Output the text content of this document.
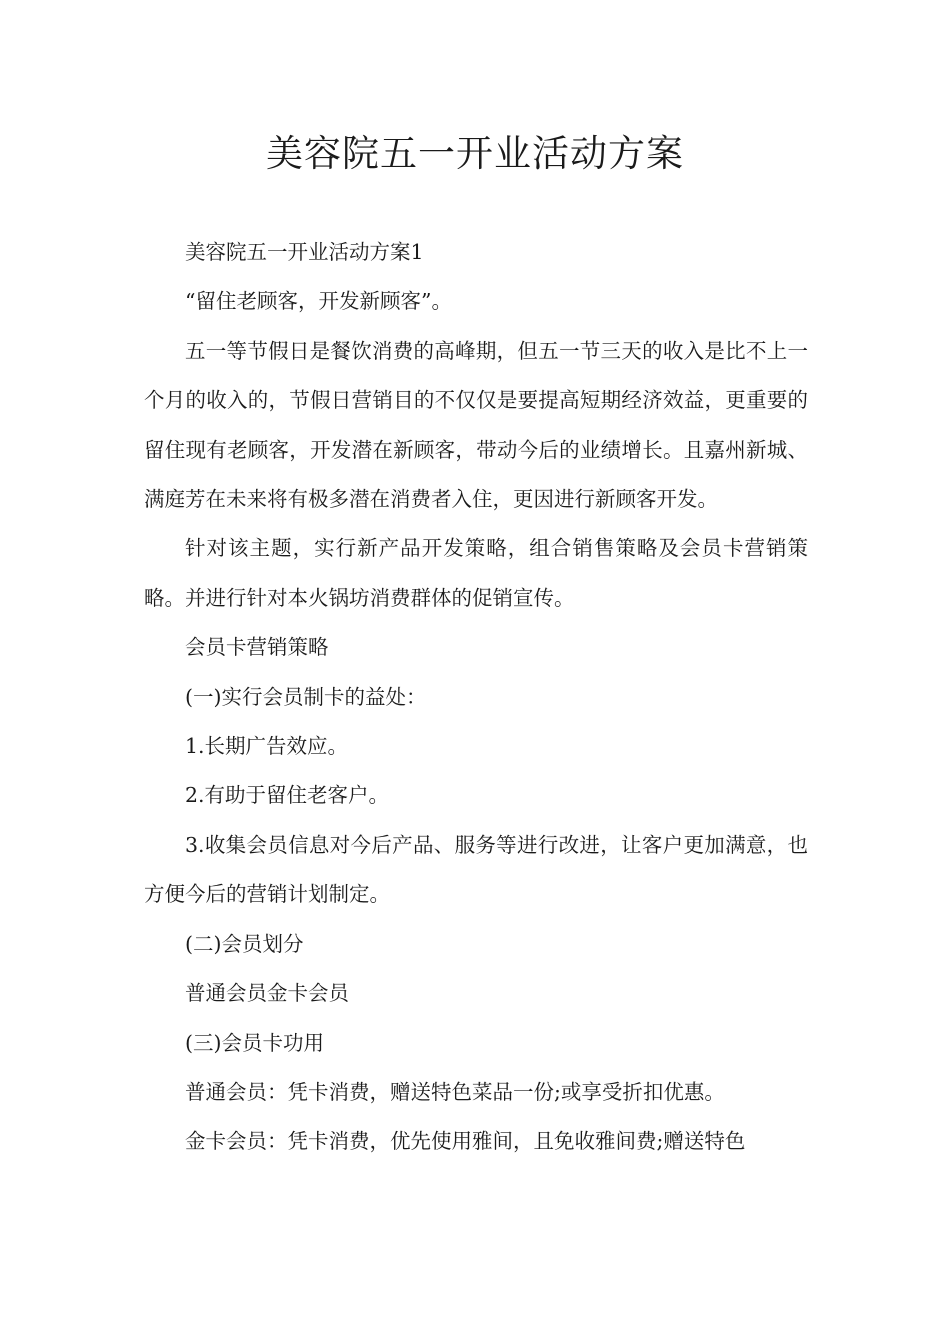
美容院五一开业活动方案

美容院五一开业活动方案1

“留住老顾客，开发新顾客”。

五一等节假日是餐饮消费的高峰期，但五一节三天的收入是比不上一个月的收入的，节假日营销目的不仅仅是要提高短期经济效益，更重要的留住现有老顾客，开发潜在新顾客，带动今后的业绩增长。且嘉州新城、满庭芳在未来将有极多潜在消费者入住，更因进行新顾客开发。

针对该主题，实行新产品开发策略，组合销售策略及会员卡营销策略。并进行针对本火锅坊消费群体的促销宣传。

会员卡营销策略

(一)实行会员制卡的益处：

1.长期广告效应。

2.有助于留住老客户。

3.收集会员信息对今后产品、服务等进行改进，让客户更加满意，也方便今后的营销计划制定。

(二)会员划分

普通会员金卡会员

(三)会员卡功用

普通会员：凭卡消费，赠送特色菜品一份;或享受折扣优惠。

金卡会员：凭卡消费，优先使用雅间，且免收雅间费;赠送特色
